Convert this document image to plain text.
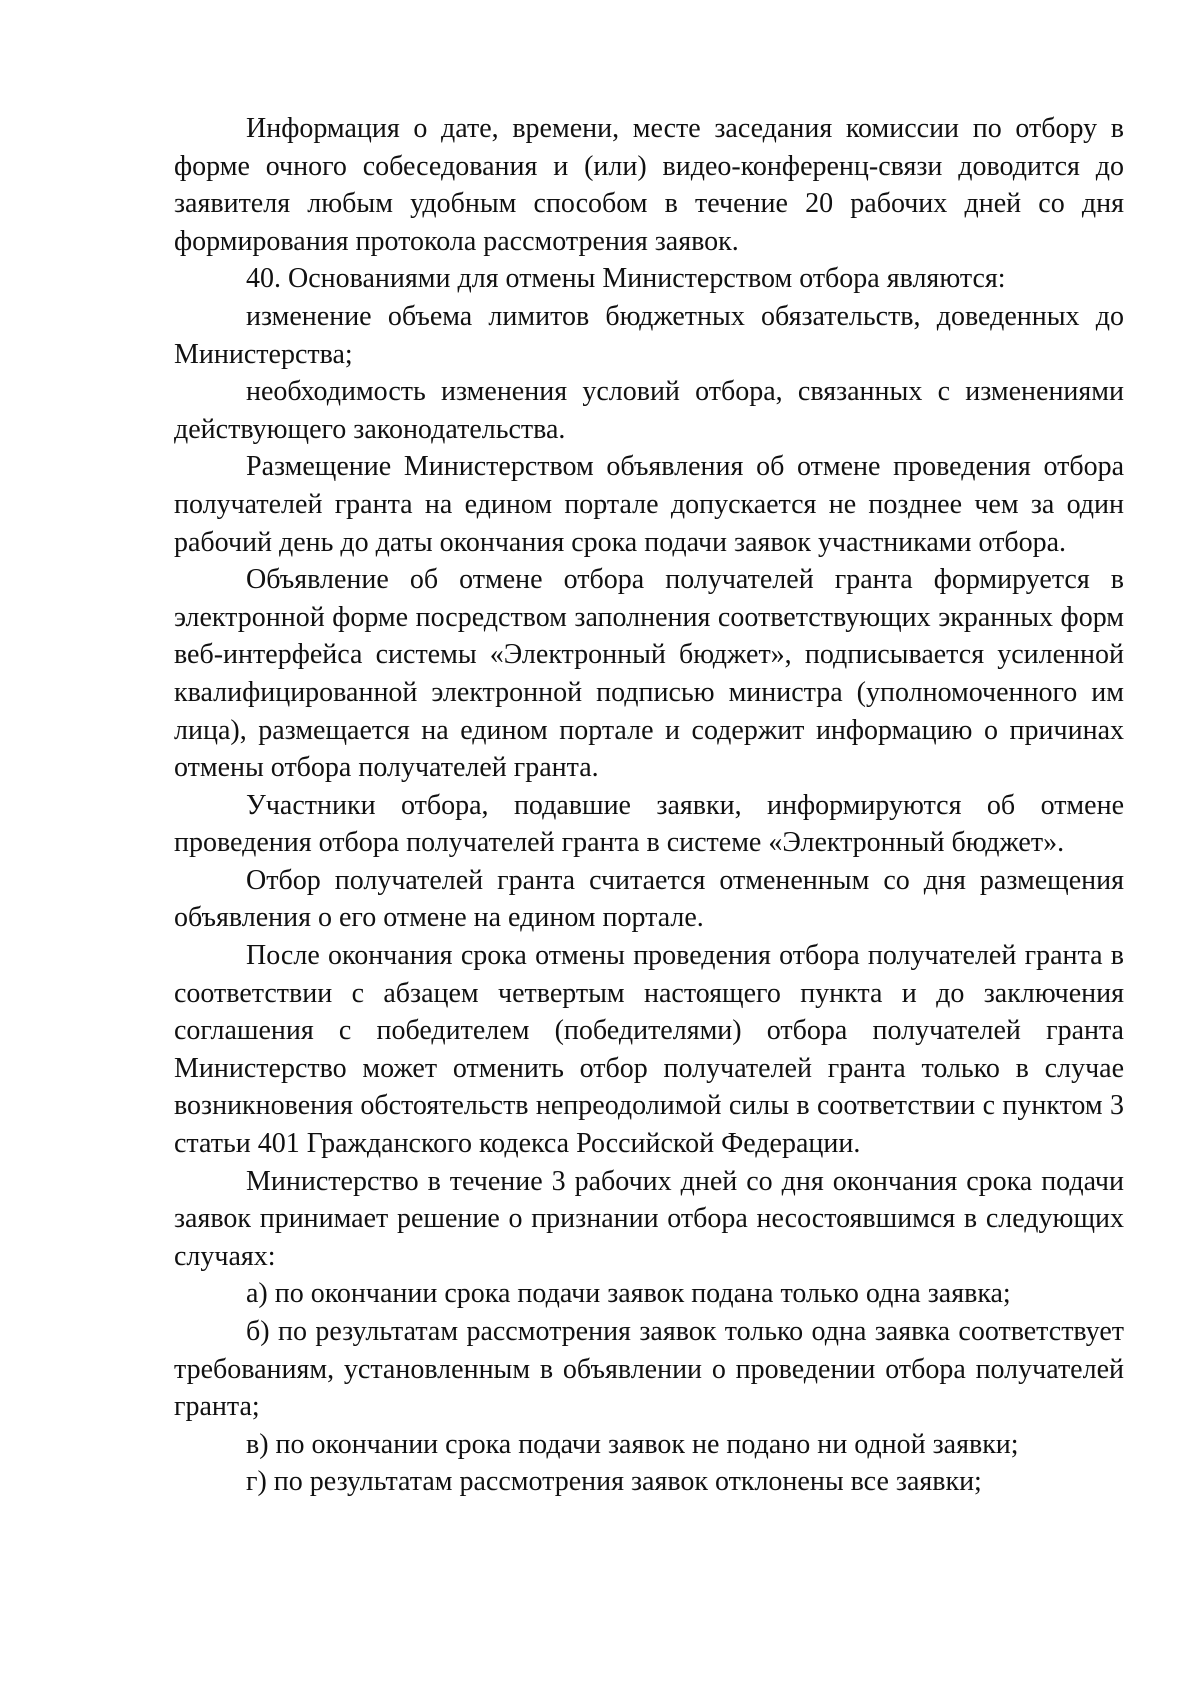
Информация о дате, времени, месте заседания комиссии по отбору в форме очного собеседования и (или) видео-конференц-связи доводится до заявителя любым удобным способом в течение 20 рабочих дней со дня формирования протокола рассмотрения заявок.

40. Основаниями для отмены Министерством отбора являются:

изменение объема лимитов бюджетных обязательств, доведенных до Министерства;

необходимость изменения условий отбора, связанных с изменениями действующего законодательства.

Размещение Министерством объявления об отмене проведения отбора получателей гранта на едином портале допускается не позднее чем за один рабочий день до даты окончания срока подачи заявок участниками отбора.

Объявление об отмене отбора получателей гранта формируется в электронной форме посредством заполнения соответствующих экранных форм веб-интерфейса системы «Электронный бюджет», подписывается усиленной квалифицированной электронной подписью министра (уполномоченного им лица), размещается на едином портале и содержит информацию о причинах отмены отбора получателей гранта.

Участники отбора, подавшие заявки, информируются об отмене проведения отбора получателей гранта в системе «Электронный бюджет».

Отбор получателей гранта считается отмененным со дня размещения объявления о его отмене на едином портале.

После окончания срока отмены проведения отбора получателей гранта в соответствии с абзацем четвертым настоящего пункта и до заключения соглашения с победителем (победителями) отбора получателей гранта Министерство может отменить отбор получателей гранта только в случае возникновения обстоятельств непреодолимой силы в соответствии с пунктом 3 статьи 401 Гражданского кодекса Российской Федерации.

Министерство в течение 3 рабочих дней со дня окончания срока подачи заявок принимает решение о признании отбора несостоявшимся в следующих случаях:

а) по окончании срока подачи заявок подана только одна заявка;

б) по результатам рассмотрения заявок только одна заявка соответствует требованиям, установленным в объявлении о проведении отбора получателей гранта;

в) по окончании срока подачи заявок не подано ни одной заявки;

г) по результатам рассмотрения заявок отклонены все заявки;
